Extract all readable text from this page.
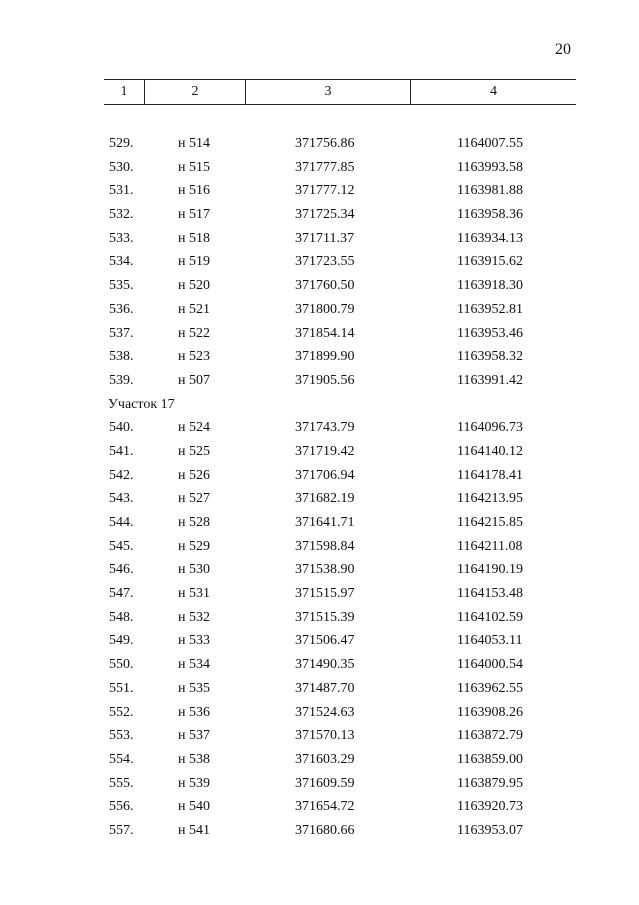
20
1	2	3	4
529.	н 514	371756.86	1164007.55
530.	н 515	371777.85	1163993.58
531.	н 516	371777.12	1163981.88
532.	н 517	371725.34	1163958.36
533.	н 518	371711.37	1163934.13
534.	н 519	371723.55	1163915.62
535.	н 520	371760.50	1163918.30
536.	н 521	371800.79	1163952.81
537.	н 522	371854.14	1163953.46
538.	н 523	371899.90	1163958.32
539.	н 507	371905.56	1163991.42
Участок 17
540.	н 524	371743.79	1164096.73
541.	н 525	371719.42	1164140.12
542.	н 526	371706.94	1164178.41
543.	н 527	371682.19	1164213.95
544.	н 528	371641.71	1164215.85
545.	н 529	371598.84	1164211.08
546.	н 530	371538.90	1164190.19
547.	н 531	371515.97	1164153.48
548.	н 532	371515.39	1164102.59
549.	н 533	371506.47	1164053.11
550.	н 534	371490.35	1164000.54
551.	н 535	371487.70	1163962.55
552.	н 536	371524.63	1163908.26
553.	н 537	371570.13	1163872.79
554.	н 538	371603.29	1163859.00
555.	н 539	371609.59	1163879.95
556.	н 540	371654.72	1163920.73
557.	н 541	371680.66	1163953.07
